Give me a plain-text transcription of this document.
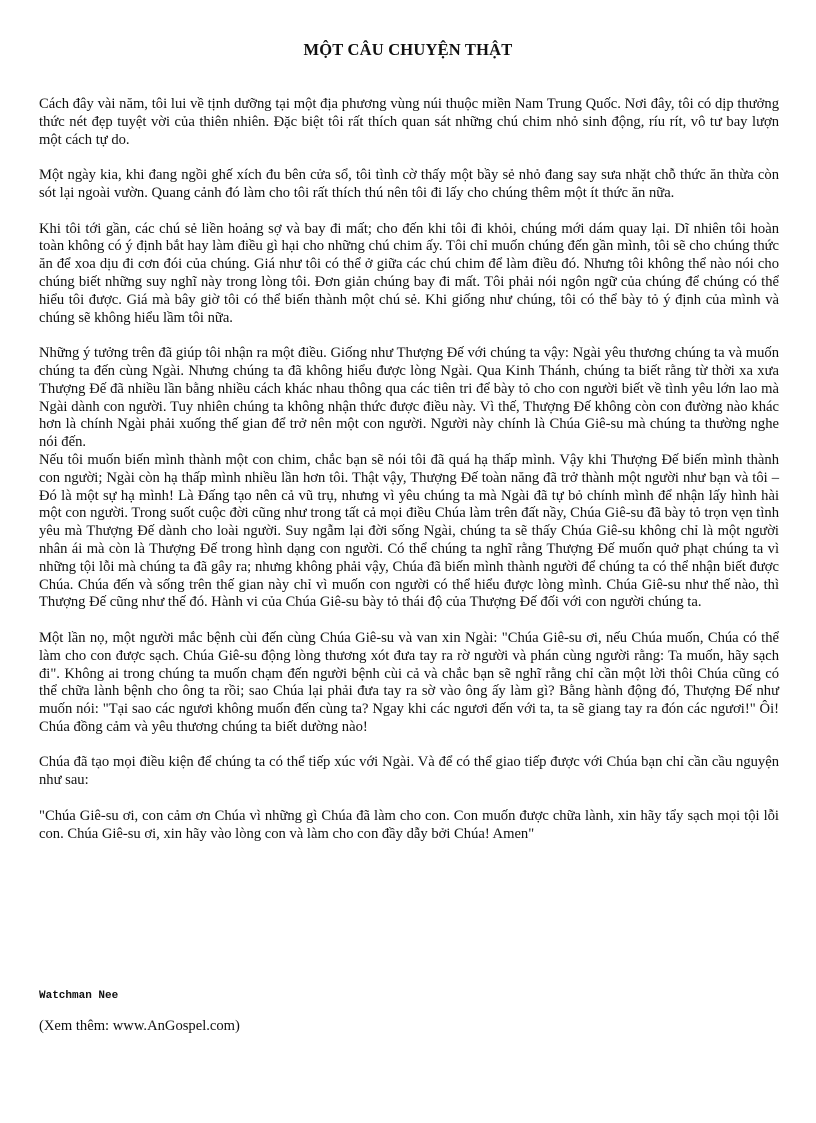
MỘT CÂU CHUYỆN THẬT

Cách đây vài năm, tôi lui về tịnh dưỡng tại một địa phương vùng núi thuộc miền Nam Trung Quốc. Nơi đây, tôi có dịp thưởng thức nét đẹp tuyệt vời của thiên nhiên. Đặc biệt tôi rất thích quan sát những chú chim nhỏ sinh động, ríu rít, vô tư bay lượn một cách tự do.

Một ngày kia, khi đang ngồi ghế xích đu bên cửa sổ, tôi tình cờ thấy một bầy sẻ nhỏ đang say sưa nhặt chỗ thức ăn thừa còn sót lại ngoài vườn. Quang cảnh đó làm cho tôi rất thích thú nên tôi đi lấy cho chúng thêm một ít thức ăn nữa.

Khi tôi tới gần, các chú sẻ liền hoảng sợ và bay đi mất; cho đến khi tôi đi khỏi, chúng mới dám quay lại. Dĩ nhiên tôi hoàn toàn không có ý định bắt hay làm điều gì hại cho những chú chim ấy. Tôi chỉ muốn chúng đến gần mình, tôi sẽ cho chúng thức ăn để xoa dịu đi cơn đói của chúng. Giá như tôi có thể ở giữa các chú chim để làm điều đó. Nhưng tôi không thể nào nói cho chúng biết những suy nghĩ này trong lòng tôi. Đơn giản chúng bay đi mất. Tôi phải nói ngôn ngữ của chúng để chúng có thể hiểu tôi được. Giá mà bây giờ tôi có thể biến thành một chú sẻ. Khi giống như chúng, tôi có thể bày tỏ ý định của mình và chúng sẽ không hiểu lầm tôi nữa.

Những ý tưởng trên đã giúp tôi nhận ra một điều. Giống như Thượng Đế với chúng ta vậy: Ngài yêu thương chúng ta và muốn chúng ta đến cùng Ngài. Nhưng chúng ta đã không hiểu được lòng Ngài. Qua Kinh Thánh, chúng ta biết rằng từ thời xa xưa Thượng Đế đã nhiều lần bằng nhiều cách khác nhau thông qua các tiên tri để bày tỏ cho con người biết về tình yêu lớn lao mà Ngài dành con người. Tuy nhiên chúng ta không nhận thức được điều này. Vì thế, Thượng Đế không còn con đường nào khác hơn là chính Ngài phải xuống thế gian để trở nên một con người. Người này chính là Chúa Giê-su mà chúng ta thường nghe nói đến.

Nếu tôi muốn biến mình thành một con chim, chắc bạn sẽ nói tôi đã quá hạ thấp mình. Vậy khi Thượng Đế biến mình thành con người; Ngài còn hạ thấp mình nhiều lần hơn tôi. Thật vậy, Thượng Đế toàn năng đã trở thành một người như bạn và tôi – Đó là một sự hạ mình! Là Đấng tạo nên cả vũ trụ, nhưng vì yêu chúng ta mà Ngài đã tự bỏ chính mình để nhận lấy hình hài một con người. Trong suốt cuộc đời cũng như trong tất cả mọi điều Chúa làm trên đất nầy, Chúa Giê-su đã bày tỏ trọn vẹn tình yêu mà Thượng Đế dành cho loài người. Suy ngẫm lại đời sống Ngài, chúng ta sẽ thấy Chúa Giê-su không chỉ là một người nhân ái mà còn là Thượng Đế trong hình dạng con người. Có thể chúng ta nghĩ rằng Thượng Đế muốn quở phạt chúng ta vì những tội lỗi mà chúng ta đã gây ra; nhưng không phải vậy, Chúa đã biến mình thành người để chúng ta có thể nhận biết được Chúa. Chúa đến và sống trên thế gian này chỉ vì muốn con người có thể hiểu được lòng mình. Chúa Giê-su như thế nào, thì Thượng Đế cũng như thế đó. Hành vi của Chúa Giê-su bày tỏ thái độ của Thượng Đế đối với con người chúng ta.

Một lần nọ, một người mắc bệnh cùi đến cùng Chúa Giê-su và van xin Ngài: "Chúa Giê-su ơi, nếu Chúa muốn, Chúa có thể làm cho con được sạch. Chúa Giê-su động lòng thương xót đưa tay ra rờ người và phán cùng người rằng: Ta muốn, hãy sạch đi". Không ai trong chúng ta muốn chạm đến người bệnh cùi cả và chắc bạn sẽ nghĩ rằng chỉ cần một lời thôi Chúa cũng có thể chữa lành bệnh cho ông ta rồi; sao Chúa lại phải đưa tay ra sờ vào ông ấy làm gì? Bằng hành động đó, Thượng Đế như muốn nói: "Tại sao các ngươi không muốn đến cùng ta? Ngay khi các ngươi đến với ta, ta sẽ giang tay ra đón các ngươi!" Ôi! Chúa đồng cảm và yêu thương chúng ta biết dường nào!

Chúa đã tạo mọi điều kiện để chúng ta có thể tiếp xúc với Ngài. Và để có thể giao tiếp được với Chúa bạn chỉ cần cầu nguyện như sau:

"Chúa Giê-su ơi, con cảm ơn Chúa vì những gì Chúa đã làm cho con. Con muốn được chữa lành, xin hãy tẩy sạch mọi tội lỗi con. Chúa Giê-su ơi, xin hãy vào lòng con và làm cho con đầy dẫy bởi Chúa! Amen"

Watchman Nee
(Xem thêm: www.AnGospel.com)
